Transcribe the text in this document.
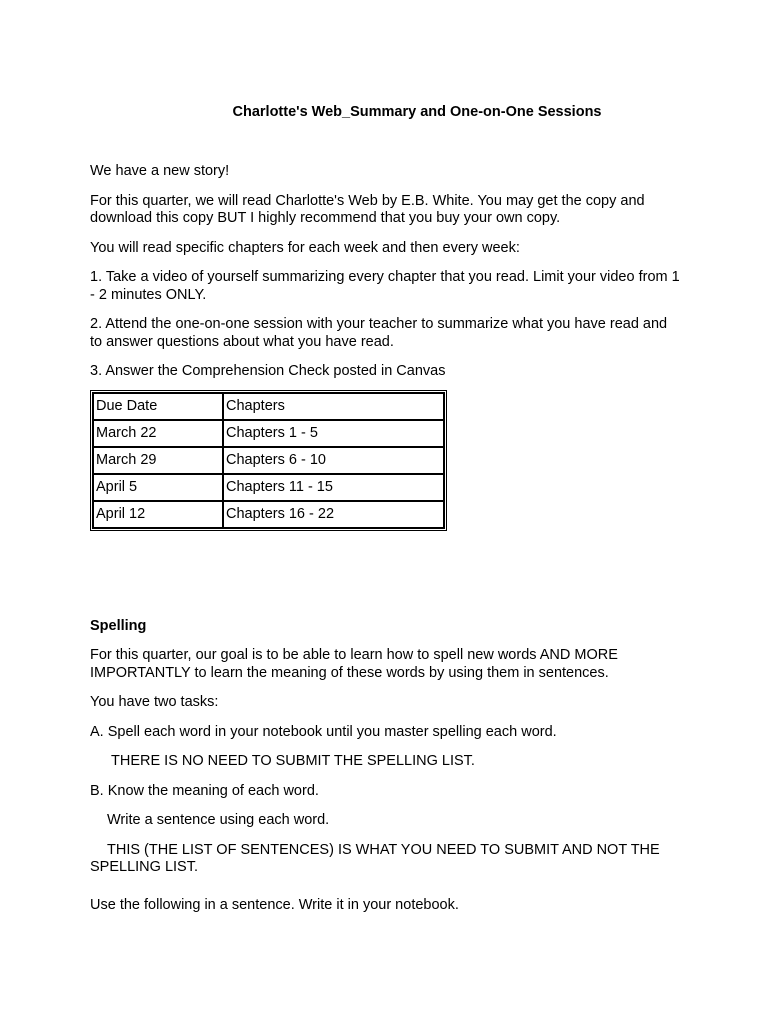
Charlotte's Web_Summary and One-on-One Sessions

We have a new story!

For this quarter, we will read Charlotte's Web by E.B. White. You may get the copy and download this copy BUT I highly recommend that you buy your own copy.

You will read specific chapters for each week and then every week:

1. Take a video of yourself summarizing every chapter that you read. Limit your video from 1 - 2 minutes ONLY.

2. Attend the one-on-one session with your teacher to summarize what you have read and to answer questions about what you have read.

3. Answer the Comprehension Check posted in Canvas

Due Date	Chapters
March 22	Chapters 1 - 5
March 29	Chapters 6 - 10
April 5	Chapters 11 - 15
April 12	Chapters 16 - 22

Spelling

For this quarter, our goal is to be able to learn how to spell new words AND MORE IMPORTANTLY to learn the meaning of these words by using them in sentences.

You have two tasks:

A. Spell each word in your notebook until you master spelling each word.

THERE IS NO NEED TO SUBMIT THE SPELLING LIST.

B. Know the meaning of each word.

Write a sentence using each word.

THIS (THE LIST OF SENTENCES) IS WHAT YOU NEED TO SUBMIT AND NOT THE SPELLING LIST.

Use the following in a sentence. Write it in your notebook.
